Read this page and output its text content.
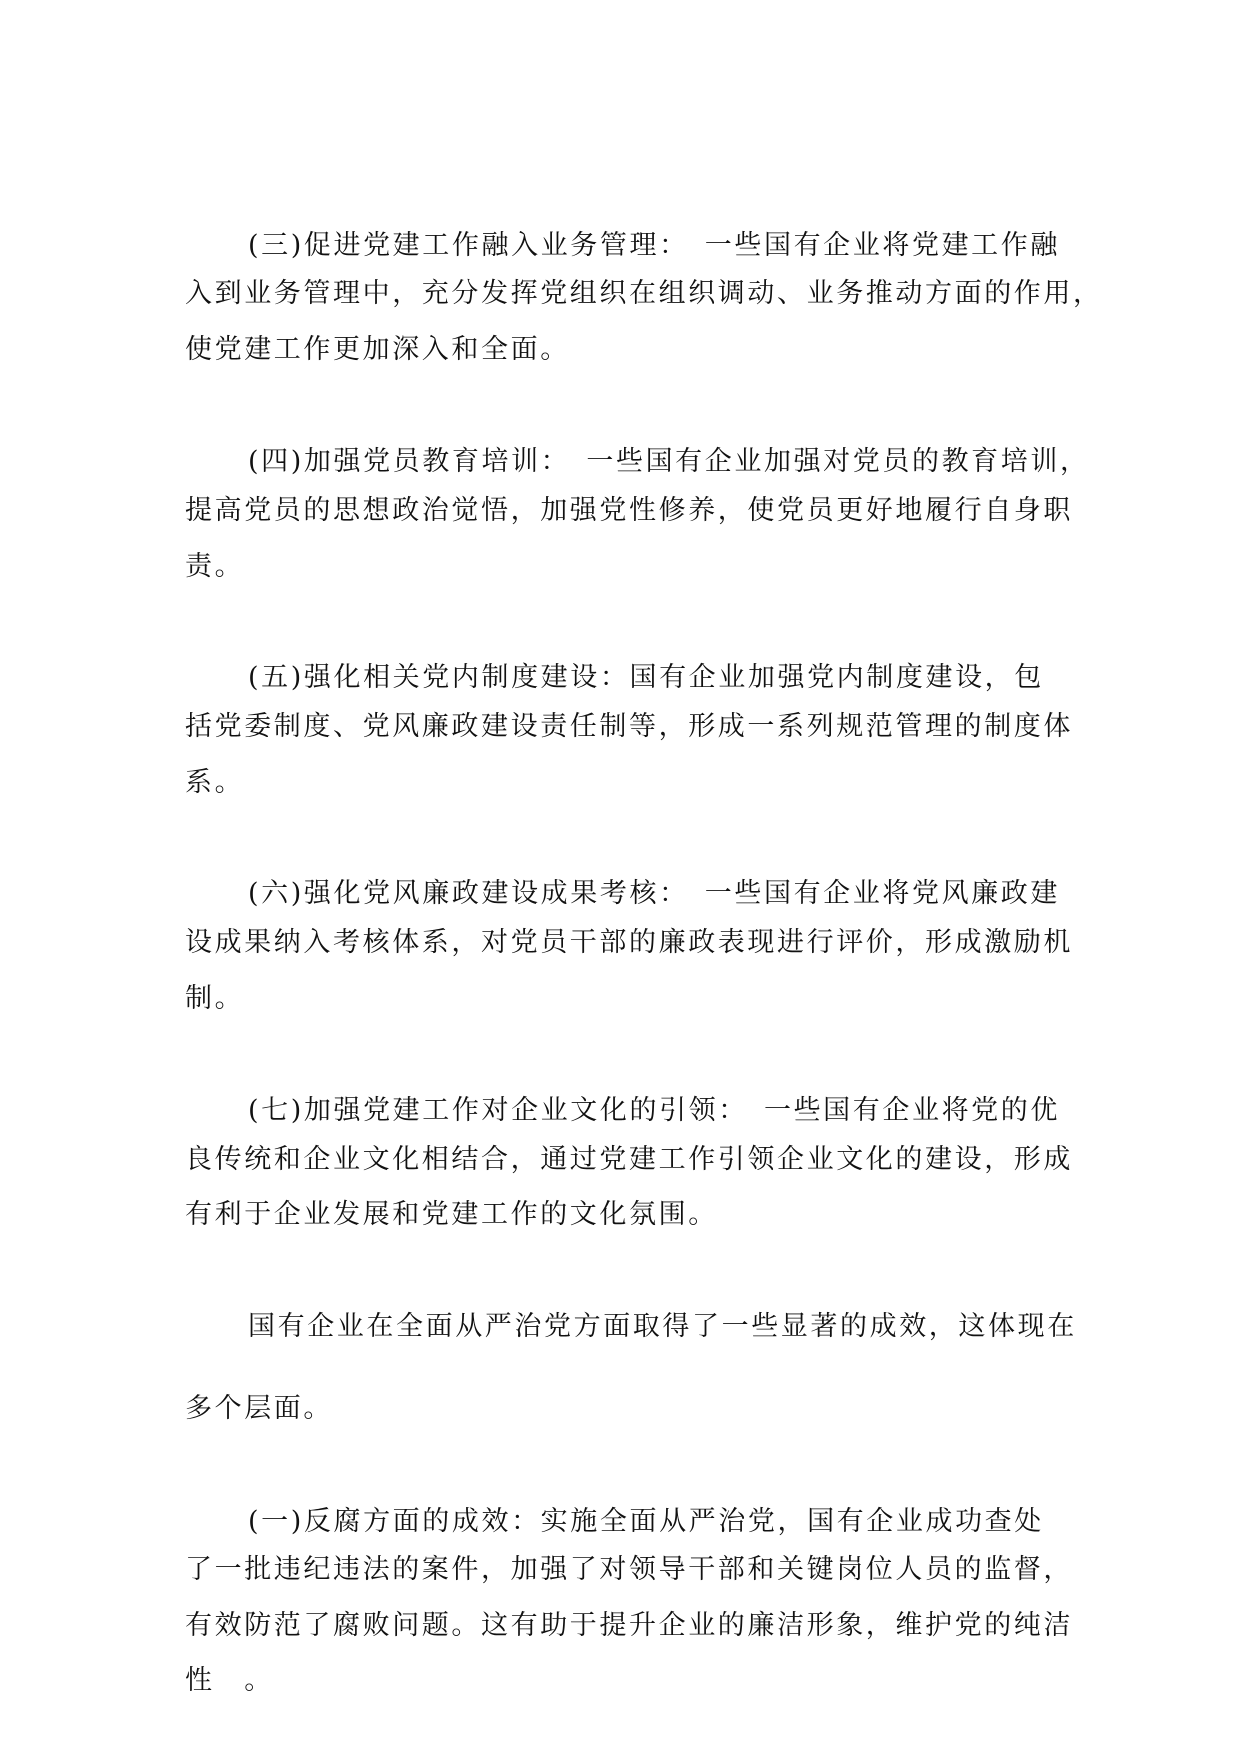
(三)促进党建工作融入业务管理：　一些国有企业将党建工作融
入到业务管理中，充分发挥党组织在组织调动、业务推动方面的作用，
使党建工作更加深入和全面。
(四)加强党员教育培训：　一些国有企业加强对党员的教育培训，
提高党员的思想政治觉悟，加强党性修养，使党员更好地履行自身职
责。
(五)强化相关党内制度建设：国有企业加强党内制度建设，包
括党委制度、党风廉政建设责任制等，形成一系列规范管理的制度体
系。
(六)强化党风廉政建设成果考核：　一些国有企业将党风廉政建
设成果纳入考核体系，对党员干部的廉政表现进行评价，形成激励机
制。
(七)加强党建工作对企业文化的引领：　一些国有企业将党的优
良传统和企业文化相结合，通过党建工作引领企业文化的建设，形成
有利于企业发展和党建工作的文化氛围。
国有企业在全面从严治党方面取得了一些显著的成效，这体现在
多个层面。
(一)反腐方面的成效：实施全面从严治党，国有企业成功查处
了一批违纪违法的案件，加强了对领导干部和关键岗位人员的监督，
有效防范了腐败问题。这有助于提升企业的廉洁形象，维护党的纯洁
性　。
